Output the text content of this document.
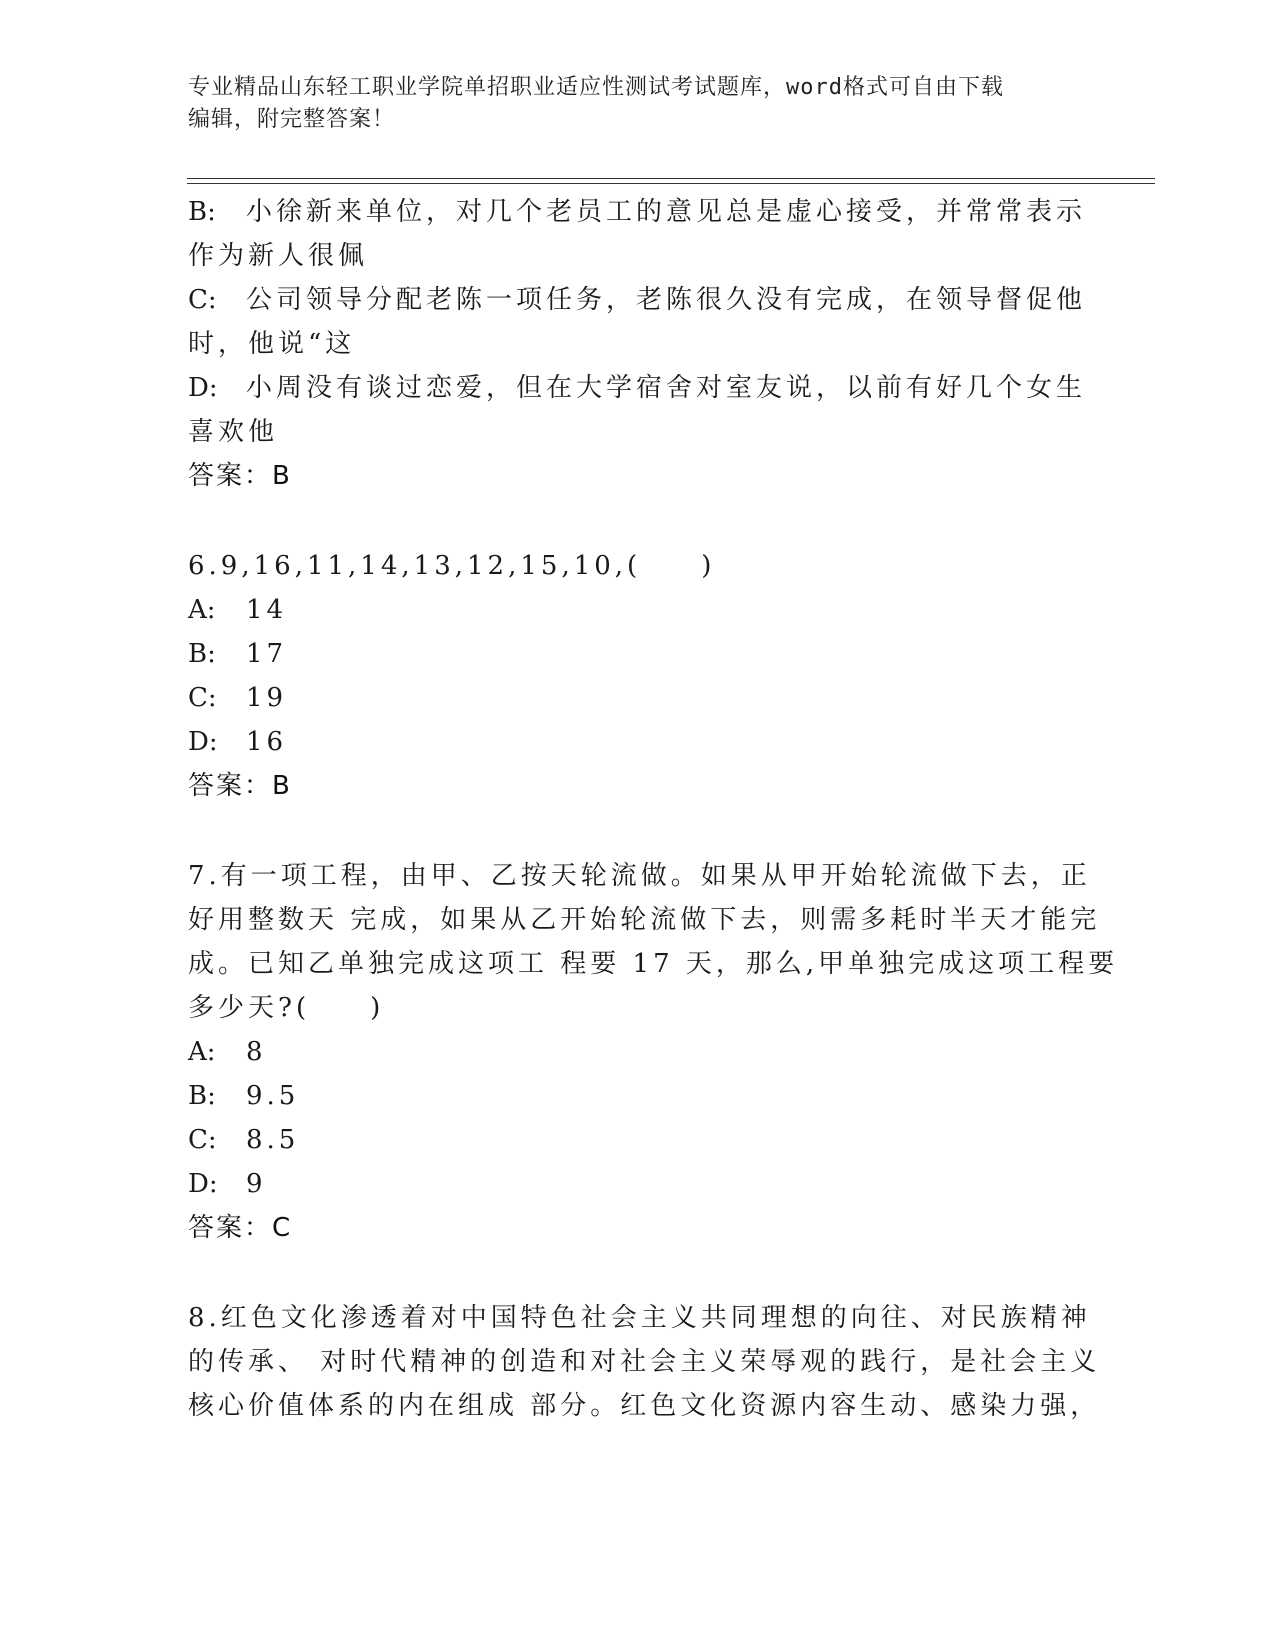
专业精品山东轻工职业学院单招职业适应性测试考试题库，word格式可自由下载
编辑，附完整答案！
B: 小徐新来单位，对几个老员工的意见总是虚心接受，并常常表示
作为新人很佩
C: 公司领导分配老陈一项任务，老陈很久没有完成，在领导督促他
时，他说“这
D: 小周没有谈过恋爱，但在大学宿舍对室友说，以前有好几个女生
喜欢他
答案：B
6.9,16,11,14,13,12,15,10,(　　)
A: 14
B: 17
C: 19
D: 16
答案：B
7.有一项工程，由甲、乙按天轮流做。如果从甲开始轮流做下去，正
好用整数天 完成，如果从乙开始轮流做下去，则需多耗时半天才能完
成。已知乙单独完成这项工 程要 17 天，那么,甲单独完成这项工程要
多少天?(　　)
A: 8
B: 9.5
C: 8.5
D: 9
答案：C
8.红色文化渗透着对中国特色社会主义共同理想的向往、对民族精神
的传承、 对时代精神的创造和对社会主义荣辱观的践行，是社会主义
核心价值体系的内在组成 部分。红色文化资源内容生动、感染力强，
